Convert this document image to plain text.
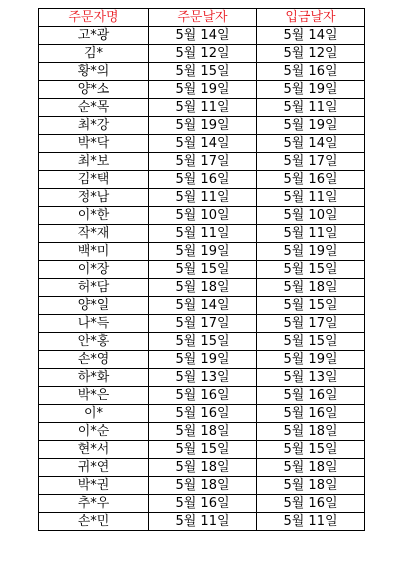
주문자명	주문날자	입금날자
고*광	5월 14일	5월 14일
김*	5월 12일	5월 12일
황*의	5월 15일	5월 16일
양*소	5월 19일	5월 19일
순*목	5월 11일	5월 11일
최*강	5월 19일	5월 19일
박*닥	5월 14일	5월 14일
최*보	5월 17일	5월 17일
김*택	5월 16일	5월 16일
정*남	5월 11일	5월 11일
이*한	5월 10일	5월 10일
작*재	5월 11일	5월 11일
백*미	5월 19일	5월 19일
이*장	5월 15일	5월 15일
허*담	5월 18일	5월 18일
양*일	5월 14일	5월 15일
나*득	5월 17일	5월 17일
안*홍	5월 15일	5월 15일
손*영	5월 19일	5월 19일
하*화	5월 13일	5월 13일
박*은	5월 16일	5월 16일
이*	5월 16일	5월 16일
이*순	5월 18일	5월 18일
현*서	5월 15일	5월 15일
귀*연	5월 18일	5월 18일
박*권	5월 18일	5월 18일
추*우	5월 16일	5월 16일
손*민	5월 11일	5월 11일
